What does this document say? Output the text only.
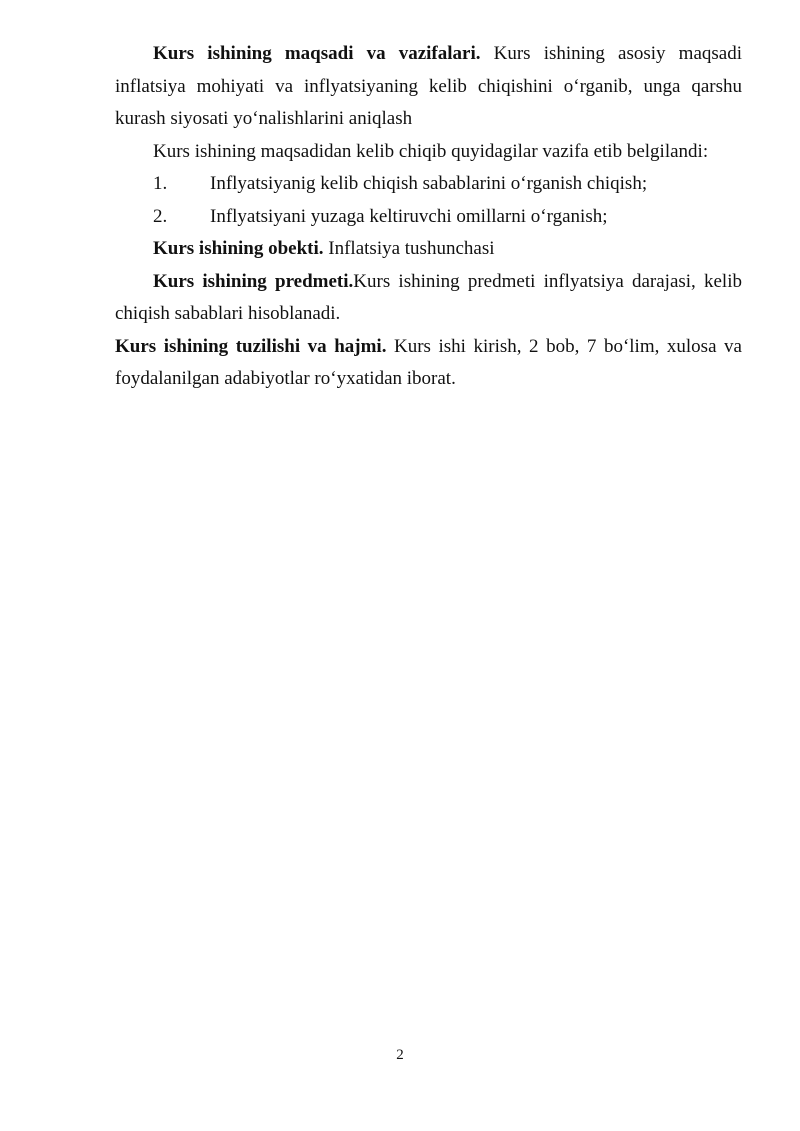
Kurs ishining maqsadi va vazifalari. Kurs ishining asosiy maqsadi inflatsiya mohiyati va inflyatsiyaning kelib chiqishini o‘rganib, unga qarshu kurash siyosati yo‘nalishlarini aniqlash

Kurs ishining maqsadidan kelib chiqib quyidagilar vazifa etib belgilandi:

1.	Inflyatsiyanig kelib chiqish sabablarini o‘rganish chiqish;

2.	Inflyatsiyani yuzaga keltiruvchi omillarni o‘rganish;

Kurs ishining obekti. Inflatsiya tushunchasi

Kurs ishining predmeti.Kurs ishining predmeti inflyatsiya darajasi, kelib chiqish sabablari hisoblanadi.

Kurs ishining tuzilishi va hajmi. Kurs ishi kirish, 2 bob, 7 bo‘lim, xulosa va foydalanilgan adabiyotlar ro‘yxatidan iborat.

2
